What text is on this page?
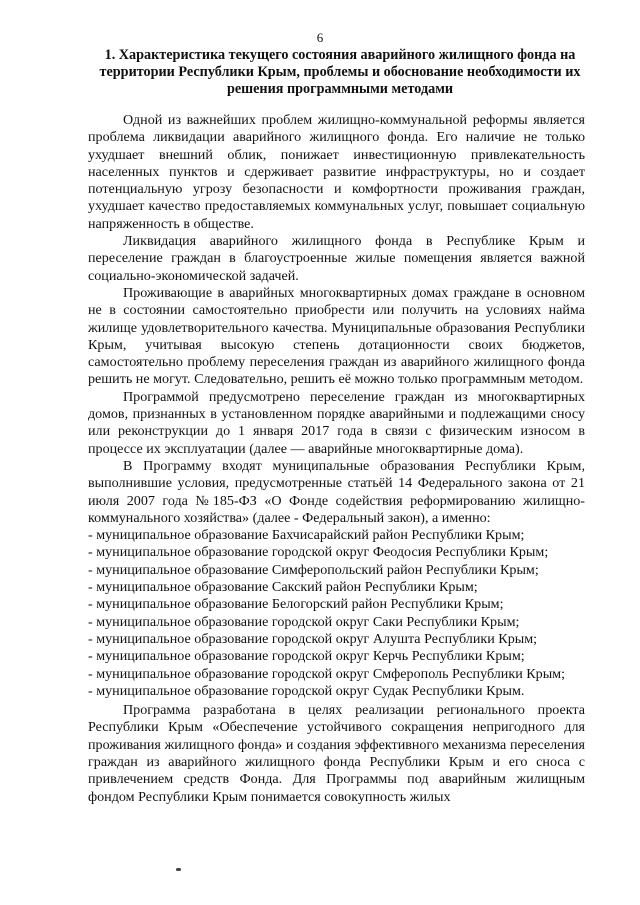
6
1. Характеристика текущего состояния аварийного жилищного фонда на территории Республики Крым, проблемы и обоснование необходимости их решения программными методами

Одной из важнейших проблем жилищно-коммунальной реформы является проблема ликвидации аварийного жилищного фонда. Его наличие не только ухудшает внешний облик, понижает инвестиционную привлекательность населенных пунктов и сдерживает развитие инфраструктуры, но и создает потенциальную угрозу безопасности и комфортности проживания граждан, ухудшает качество предоставляемых коммунальных услуг, повышает социальную напряженность в обществе.

Ликвидация аварийного жилищного фонда в Республике Крым и переселение граждан в благоустроенные жилые помещения является важной социально-экономической задачей.

Проживающие в аварийных многоквартирных домах граждане в основном не в состоянии самостоятельно приобрести или получить на условиях найма жилище удовлетворительного качества. Муниципальные образования Республики Крым, учитывая высокую степень дотационности своих бюджетов, самостоятельно проблему переселения граждан из аварийного жилищного фонда решить не могут. Следовательно, решить её можно только программным методом.

Программой предусмотрено переселение граждан из многоквартирных домов, признанных в установленном порядке аварийными и подлежащими сносу или реконструкции до 1 января 2017 года в связи с физическим износом в процессе их эксплуатации (далее — аварийные многоквартирные дома).

В Программу входят муниципальные образования Республики Крым, выполнившие условия, предусмотренные статьёй 14 Федерального закона от 21 июля 2007 года №185-ФЗ «О Фонде содействия реформированию жилищно-коммунального хозяйства» (далее - Федеральный закон), а именно:

- муниципальное образование Бахчисарайский район Республики Крым;
- муниципальное образование городской округ Феодосия Республики Крым;
- муниципальное образование Симферопольский район Республики Крым;
- муниципальное образование Сакский район Республики Крым;
- муниципальное образование Белогорский район Республики Крым;
- муниципальное образование городской округ Саки Республики Крым;
- муниципальное образование городской округ Алушта Республики Крым;
- муниципальное образование городской округ Керчь Республики Крым;
- муниципальное образование городской округ Смферополь Республики Крым;
- муниципальное образование городской округ Судак Республики Крым.

Программа разработана в целях реализации регионального проекта Республики Крым «Обеспечение устойчивого сокращения непригодного для проживания жилищного фонда» и создания эффективного механизма переселения граждан из аварийного жилищного фонда Республики Крым и его сноса с привлечением средств Фонда. Для Программы под аварийным жилищным фондом Республики Крым понимается совокупность жилых
